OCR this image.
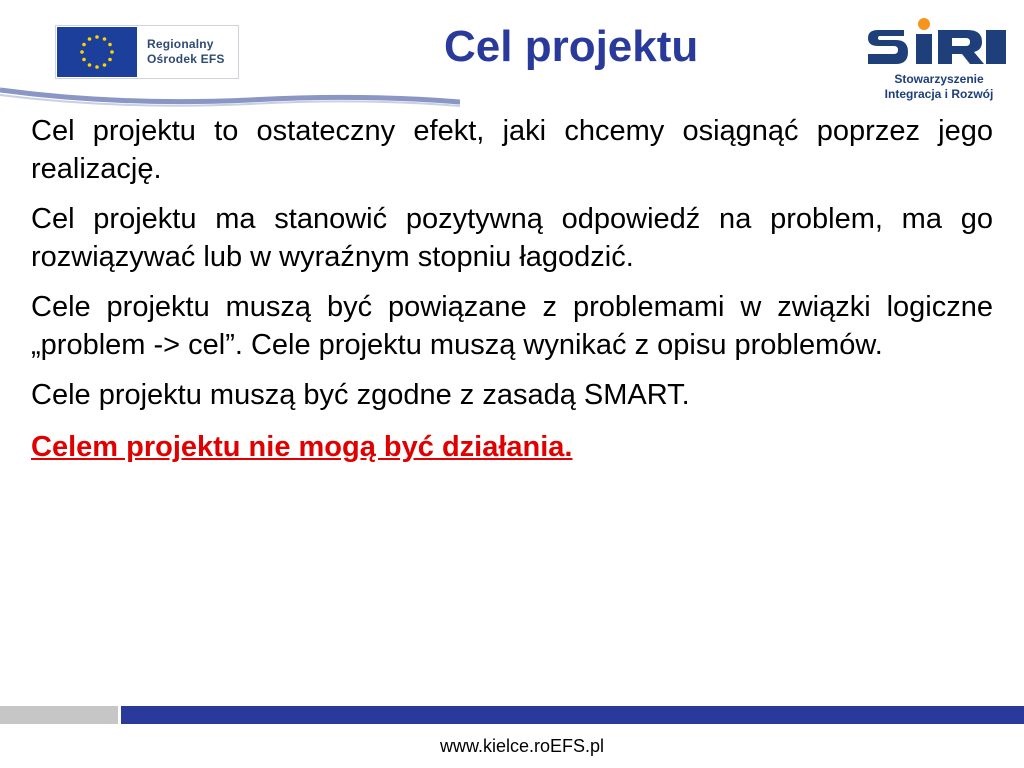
Regionalny
Ośrodek EFS	Cel projektu
Stowarzyszenie
Integracja i Rozwój

Cel projektu to ostateczny efekt, jaki chcemy osiągnąć poprzez jego realizację.

Cel projektu ma stanowić pozytywną odpowiedź na problem, ma go rozwiązywać lub w wyraźnym stopniu łagodzić.

Cele projektu muszą być powiązane z problemami w związki logiczne „problem -> cel”. Cele projektu muszą wynikać z opisu problemów.

Cele projektu muszą być zgodne z zasadą SMART.

Celem projektu nie mogą być działania.

www.kielce.roEFS.pl
